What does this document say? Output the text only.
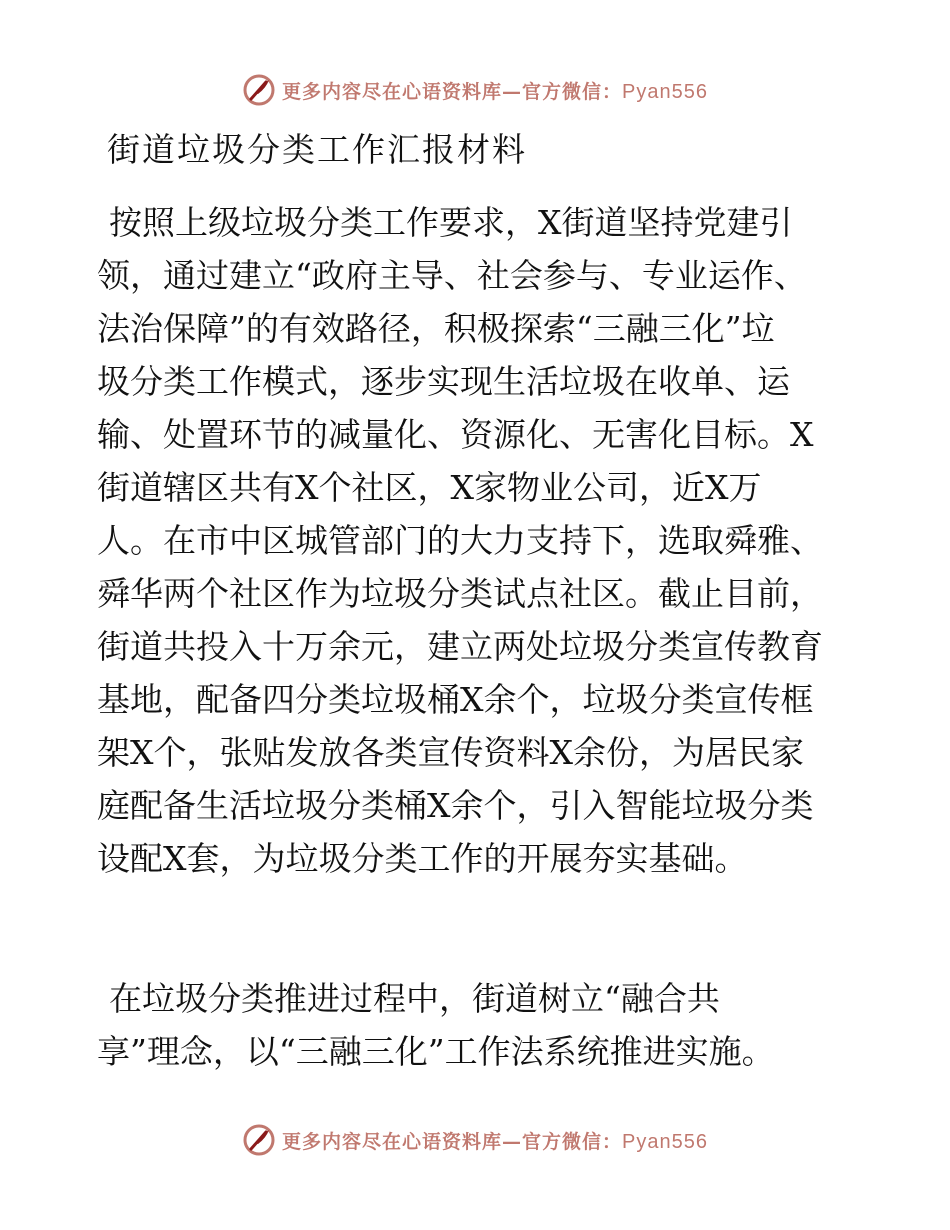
更多内容尽在心语资料库—官方微信：Pyan556
街道垃圾分类工作汇报材料

按照上级垃圾分类工作要求，X街道坚持党建引
领，通过建立“政府主导、社会参与、专业运作、
法治保障”的有效路径，积极探索“三融三化”垃
圾分类工作模式，逐步实现生活垃圾在收单、运
输、处置环节的减量化、资源化、无害化目标。X
街道辖区共有X个社区，X家物业公司，近X万
人。在市中区城管部门的大力支持下，选取舜雅、
舜华两个社区作为垃圾分类试点社区。截止目前，
街道共投入十万余元，建立两处垃圾分类宣传教育
基地，配备四分类垃圾桶X余个，垃圾分类宣传框
架X个，张贴发放各类宣传资料X余份，为居民家
庭配备生活垃圾分类桶X余个，引入智能垃圾分类
设配X套，为垃圾分类工作的开展夯实基础。

在垃圾分类推进过程中，街道树立“融合共
享”理念，以“三融三化”工作法系统推进实施。

更多内容尽在心语资料库—官方微信：Pyan556
